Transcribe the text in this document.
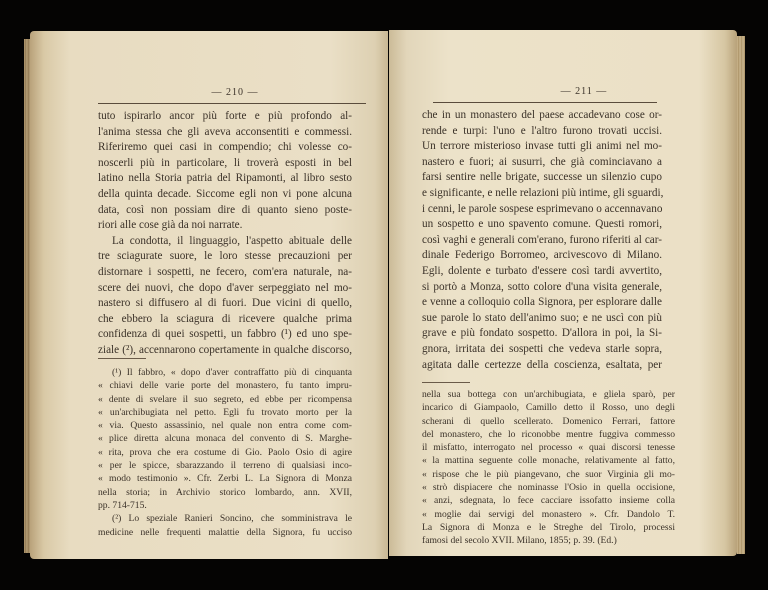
— 210 —
tuto ispirarlo ancor più forte e più profondo al-
l'anima stessa che gli aveva acconsentiti e commessi.
Riferiremo quei casi in compendio; chi volesse co-
noscerli più in particolare, li troverà esposti in bel
latino nella Storia patria del Ripamonti, al libro sesto
della quinta decade. Siccome egli non vi pone alcuna
data, così non possiam dire di quanto sieno poste-
riori alle cose già da noi narrate.
La condotta, il linguaggio, l'aspetto abituale delle
tre sciagurate suore, le loro stesse precauzioni per
distornare i sospetti, ne fecero, com'era naturale, na-
scere dei nuovi, che dopo d'aver serpeggiato nel mo-
nastero si diffusero al di fuori. Due vicini di quello,
che ebbero la sciagura di ricevere qualche prima
confidenza di quei sospetti, un fabbro (¹) ed uno spe-
ziale (²), accennarono copertamente in qualche discorso,
(¹) Il fabbro, « dopo d'aver contraffatto più di cinquanta
« chiavi delle varie porte del monastero, fu tanto impru-
« dente di svelare il suo segreto, ed ebbe per ricompensa
« un'archibugiata nel petto. Egli fu trovato morto per la
« via. Questo assassinio, nel quale non entra come com-
« plice diretta alcuna monaca del convento di S. Marghe-
« rita, prova che era costume di Gio. Paolo Osio di agire
« per le spicce, sbarazzando il terreno di qualsiasi inco-
« modo testimonio ». Cfr. Zerbi L. La Signora di Monza
nella storia; in Archivio storico lombardo, ann. XVII,
pp. 714-715.
(²) Lo speziale Ranieri Soncino, che somministrava le
medicine nelle frequenti malattie della Signora, fu ucciso
— 211 —
che in un monastero del paese accadevano cose or-
rende e turpi: l'uno e l'altro furono trovati uccisi.
Un terrore misterioso invase tutti gli animi nel mo-
nastero e fuori; ai susurri, che già cominciavano a
farsi sentire nelle brigate, successe un silenzio cupo
e significante, e nelle relazioni più intime, gli sguardi,
i cenni, le parole sospese esprimevano o accennavano
un sospetto e uno spavento comune. Questi romori,
così vaghi e generali com'erano, furono riferiti al car-
dinale Federigo Borromeo, arcivescovo di Milano.
Egli, dolente e turbato d'essere così tardi avvertito,
si portò a Monza, sotto colore d'una visita generale,
e venne a colloquio colla Signora, per esplorare dalle
sue parole lo stato dell'animo suo; e ne uscì con più
grave e più fondato sospetto. D'allora in poi, la Si-
gnora, irritata dei sospetti che vedeva starle sopra,
agitata dalle certezze della coscienza, esaltata, per
nella sua bottega con un'archibugiata, e gliela sparò, per
incarico di Giampaolo, Camillo detto il Rosso, uno degli
scherani di quello scellerato. Domenico Ferrari, fattore
del monastero, che lo riconobbe mentre fuggiva commesso
il misfatto, interrogato nel processo « quai discorsi tenesse
« la mattina seguente colle monache, relativamente al fatto,
« rispose che le più piangevano, che suor Virginia gli mo-
« strò dispiacere che nominasse l'Osio in quella occisione,
« anzi, sdegnata, lo fece cacciare issofatto insieme colla
« moglie dai servigi del monastero ». Cfr. Dandolo T.
La Signora di Monza e le Streghe del Tirolo, processi
famosi del secolo XVII. Milano, 1855; p. 39. (Ed.)
